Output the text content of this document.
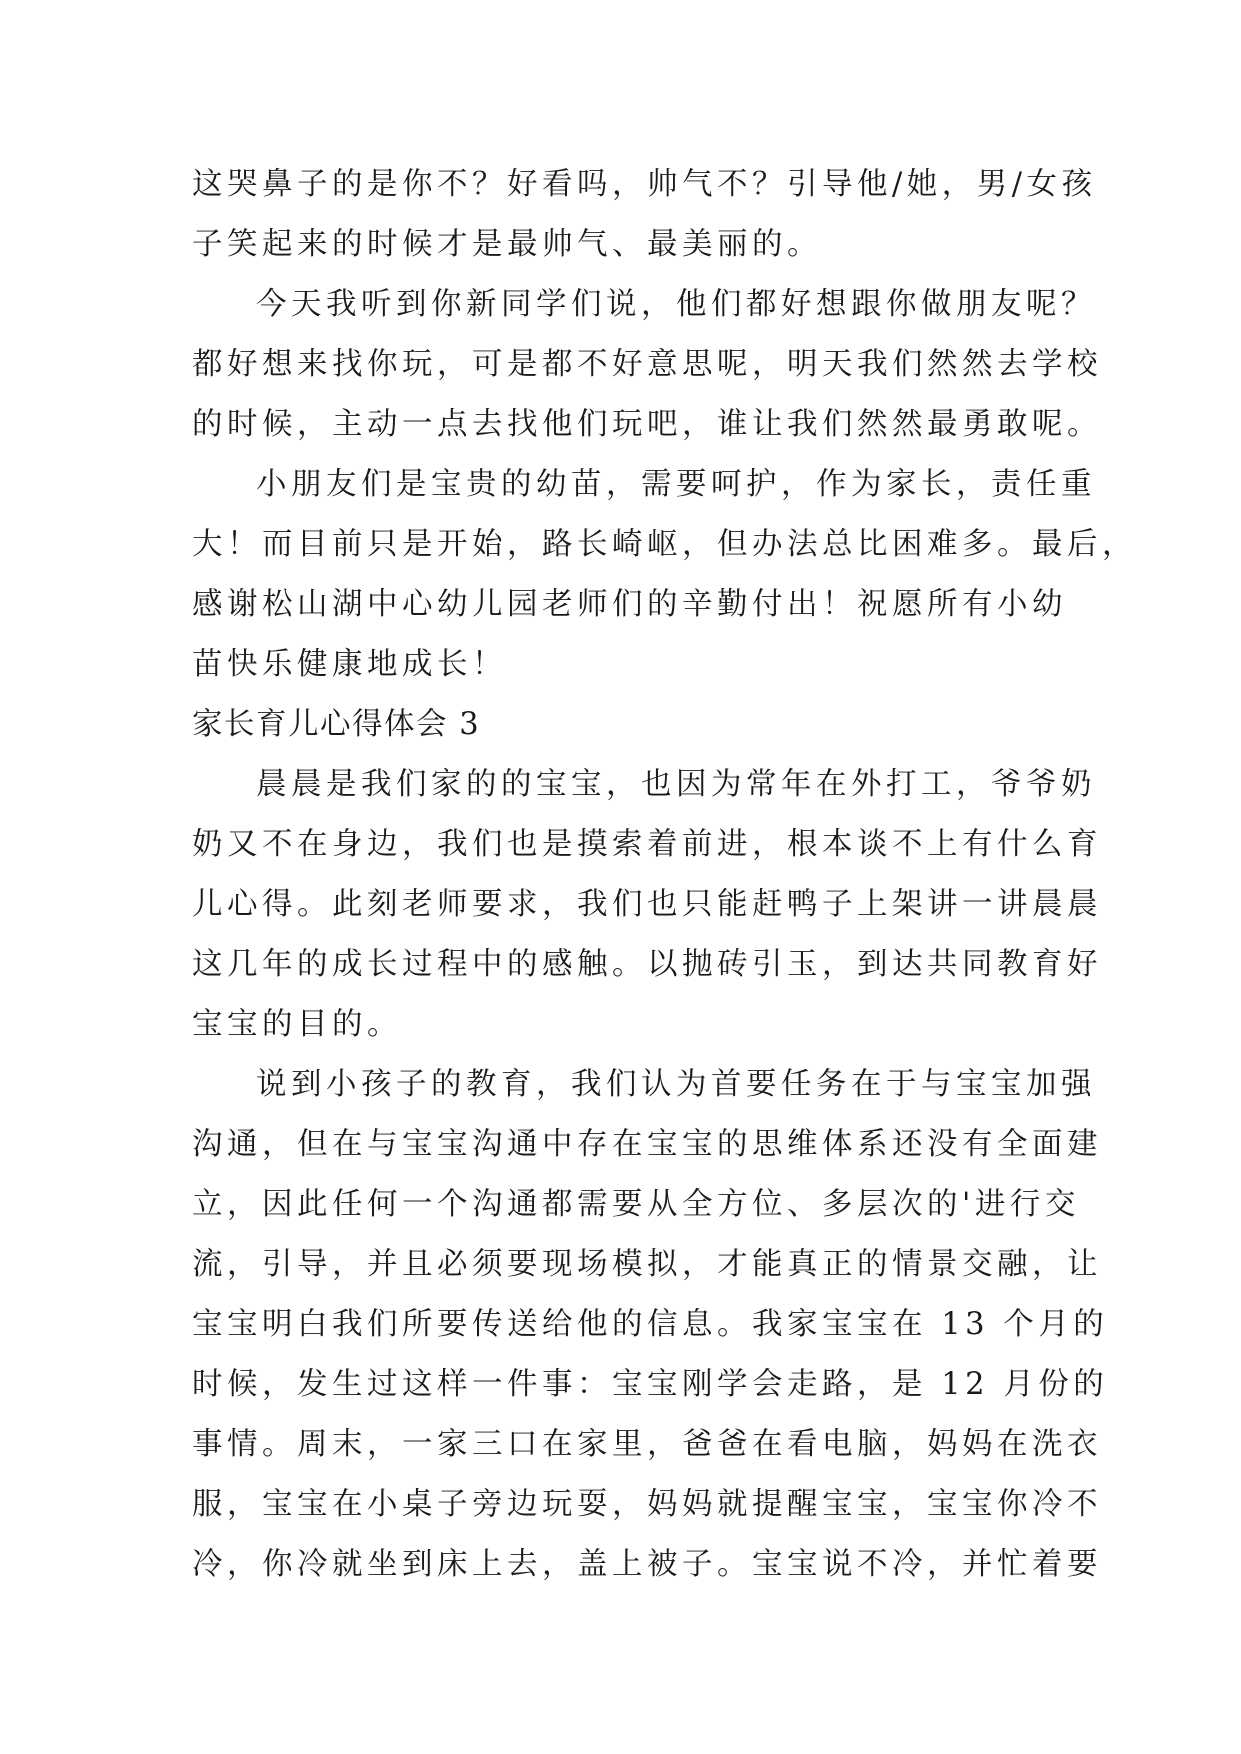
这哭鼻子的是你不？好看吗，帅气不？引导他/她，男/女孩
子笑起来的时候才是最帅气、最美丽的。
今天我听到你新同学们说，他们都好想跟你做朋友呢？
都好想来找你玩，可是都不好意思呢，明天我们然然去学校
的时候，主动一点去找他们玩吧，谁让我们然然最勇敢呢。
小朋友们是宝贵的幼苗，需要呵护，作为家长，责任重
大！而目前只是开始，路长崎岖，但办法总比困难多。最后，
感谢松山湖中心幼儿园老师们的辛勤付出！祝愿所有小幼
苗快乐健康地成长！
家长育儿心得体会 3
晨晨是我们家的的宝宝，也因为常年在外打工，爷爷奶
奶又不在身边，我们也是摸索着前进，根本谈不上有什么育
儿心得。此刻老师要求，我们也只能赶鸭子上架讲一讲晨晨
这几年的成长过程中的感触。以抛砖引玉，到达共同教育好
宝宝的目的。
说到小孩子的教育，我们认为首要任务在于与宝宝加强
沟通，但在与宝宝沟通中存在宝宝的思维体系还没有全面建
立，因此任何一个沟通都需要从全方位、多层次的'进行交
流，引导，并且必须要现场模拟，才能真正的情景交融，让
宝宝明白我们所要传送给他的信息。我家宝宝在 13 个月的
时候，发生过这样一件事：宝宝刚学会走路，是 12 月份的
事情。周末，一家三口在家里，爸爸在看电脑，妈妈在洗衣
服，宝宝在小桌子旁边玩耍，妈妈就提醒宝宝，宝宝你冷不
冷，你冷就坐到床上去，盖上被子。宝宝说不冷，并忙着要
